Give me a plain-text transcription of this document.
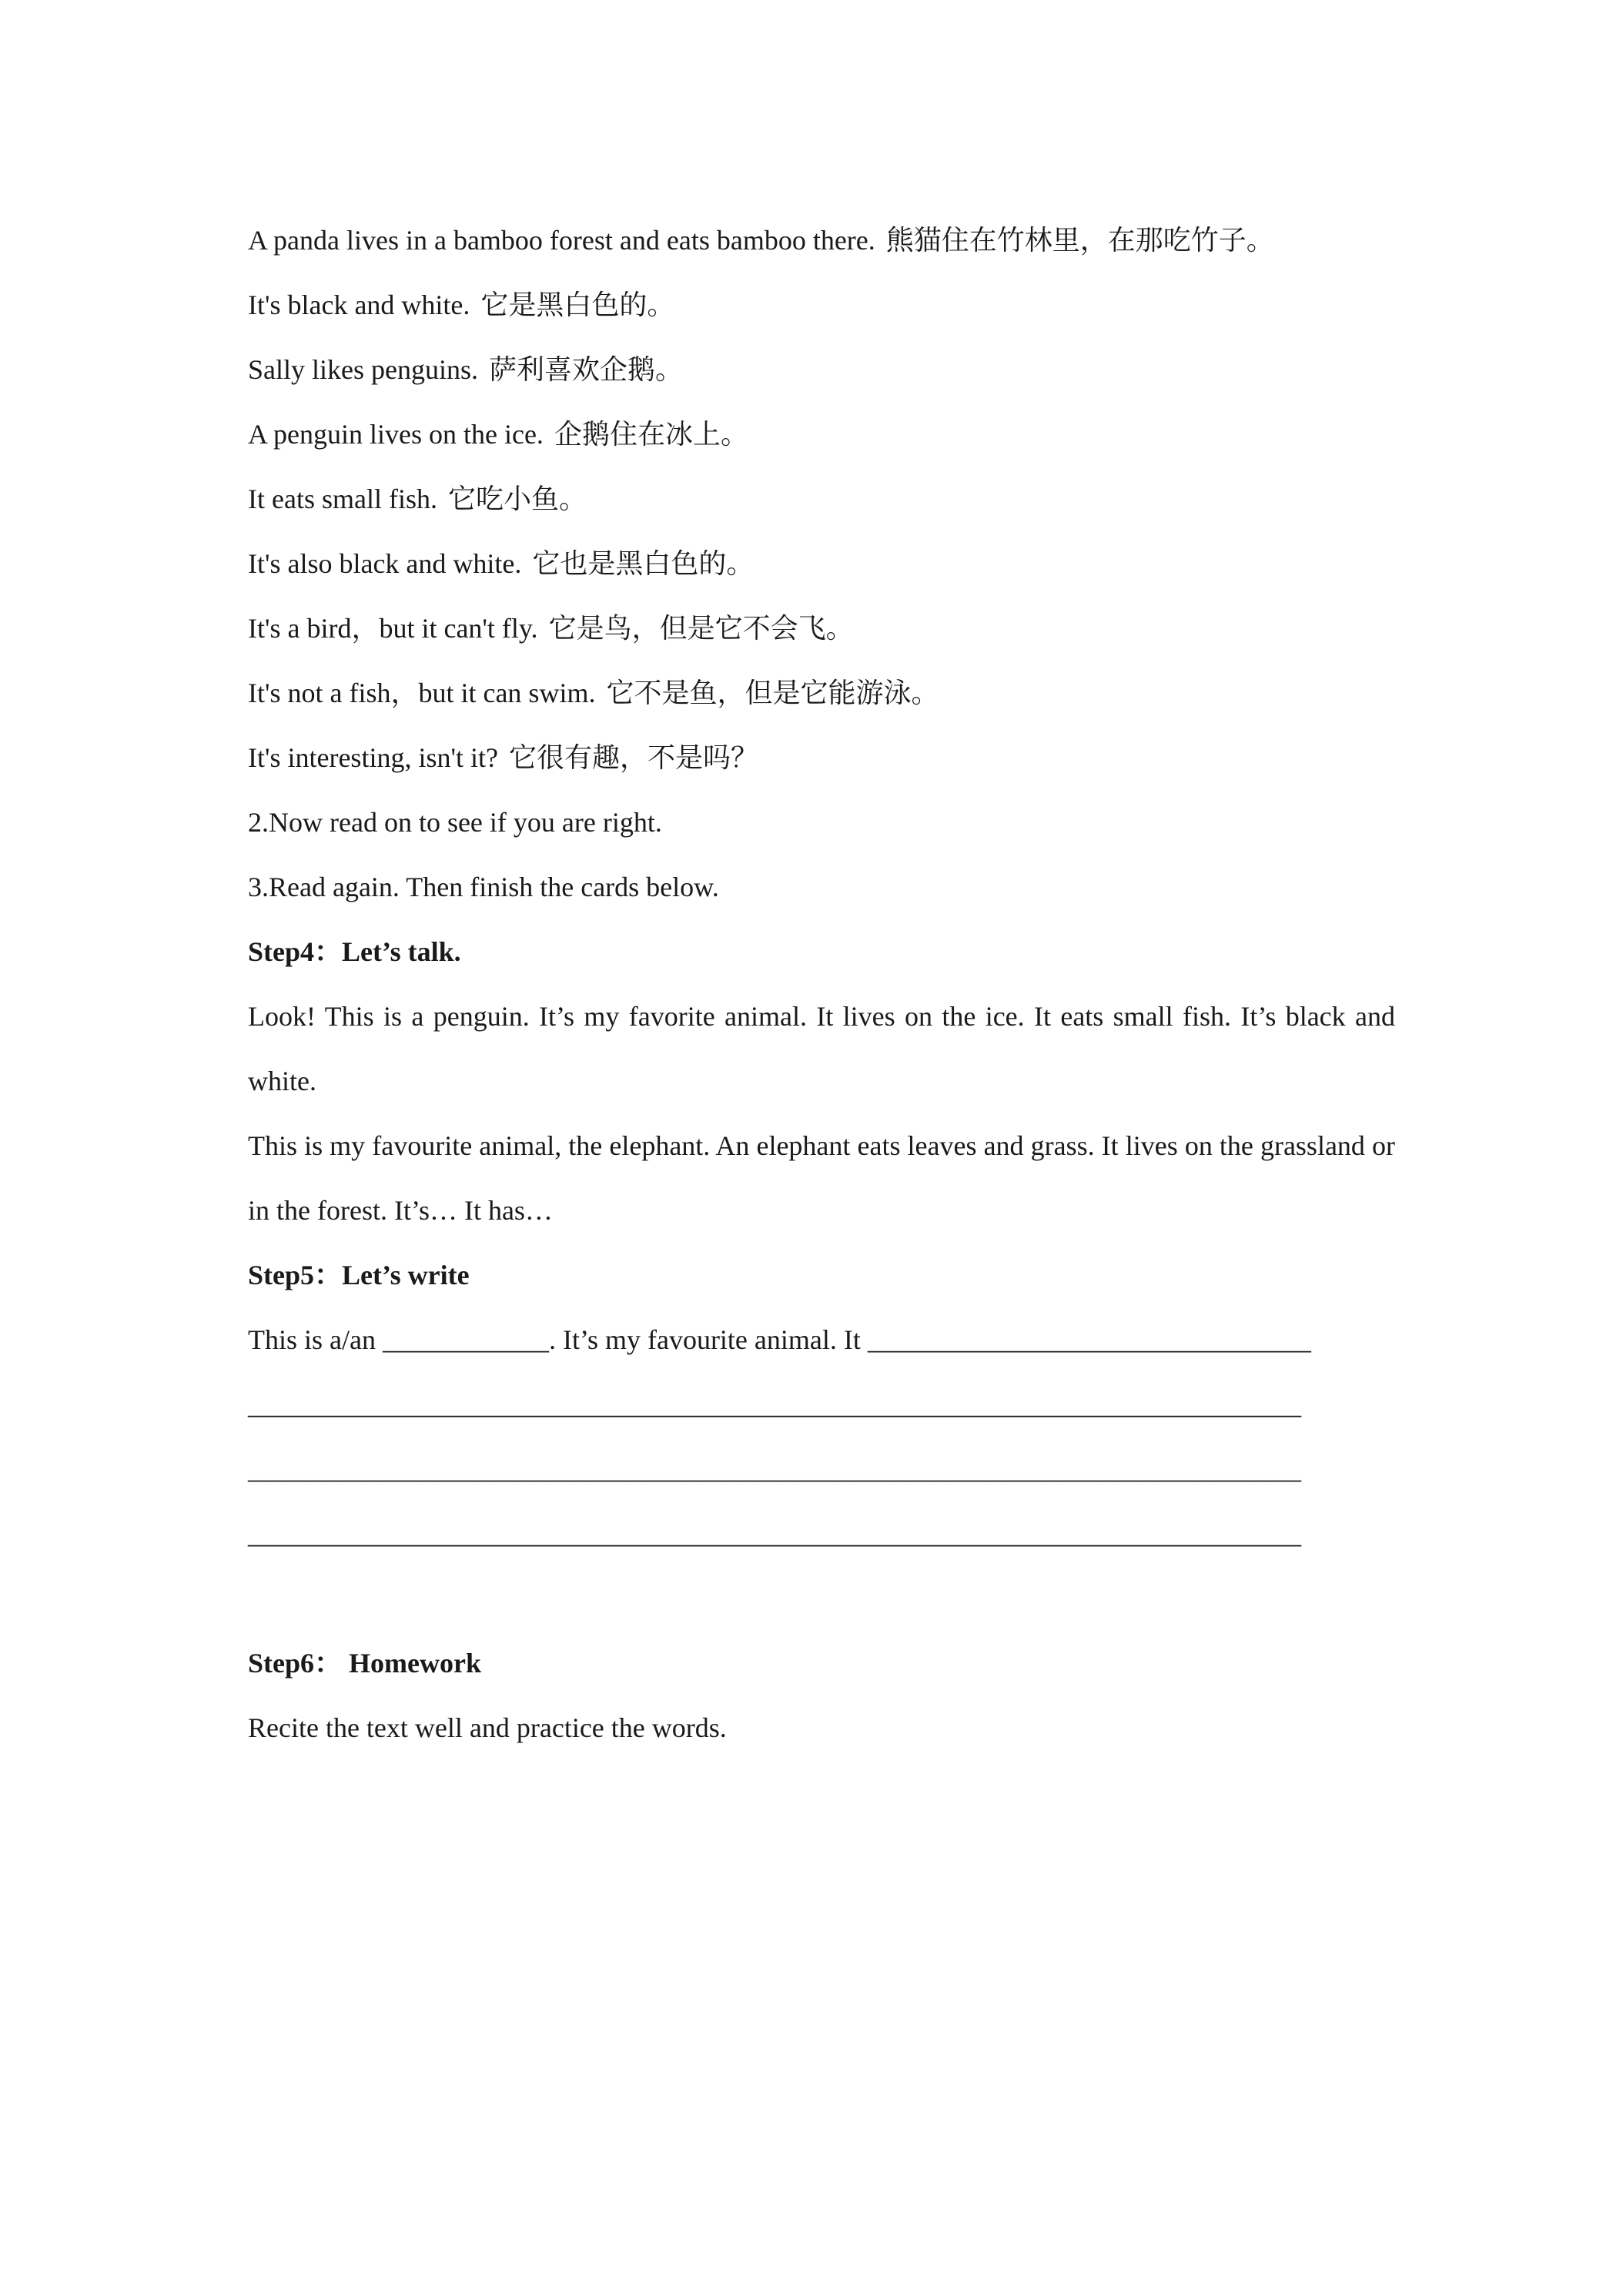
A panda lives in a bamboo forest and eats bamboo there. 熊猫住在竹林里，在那吃竹子。
It's black and white. 它是黑白色的。
Sally likes penguins. 萨利喜欢企鹅。
A penguin lives on the ice. 企鹅住在冰上。
It eats small fish. 它吃小鱼。
It's also black and white. 它也是黑白色的。
It's a bird，but it can't fly. 它是鸟，但是它不会飞。
It's not a fish，but it can swim. 它不是鱼，但是它能游泳。
It's interesting, isn't it? 它很有趣，不是吗？
2.Now read on to see if you are right.
3.Read again. Then finish the cards below.
Step4：Let’s talk.

Look! This is a penguin. It’s my favorite animal. It lives on the ice. It eats small fish. It’s black and white.

This is my favourite animal, the elephant. An elephant eats leaves and grass. It lives on the grassland or in the forest. It’s… It has…

Step5：Let’s write
This is a/an ____________. It’s my favourite animal. It ________________________________
____________________________________________________________________________
____________________________________________________________________________
____________________________________________________________________________
Step6： Homework
Recite the text well and practice the words.
